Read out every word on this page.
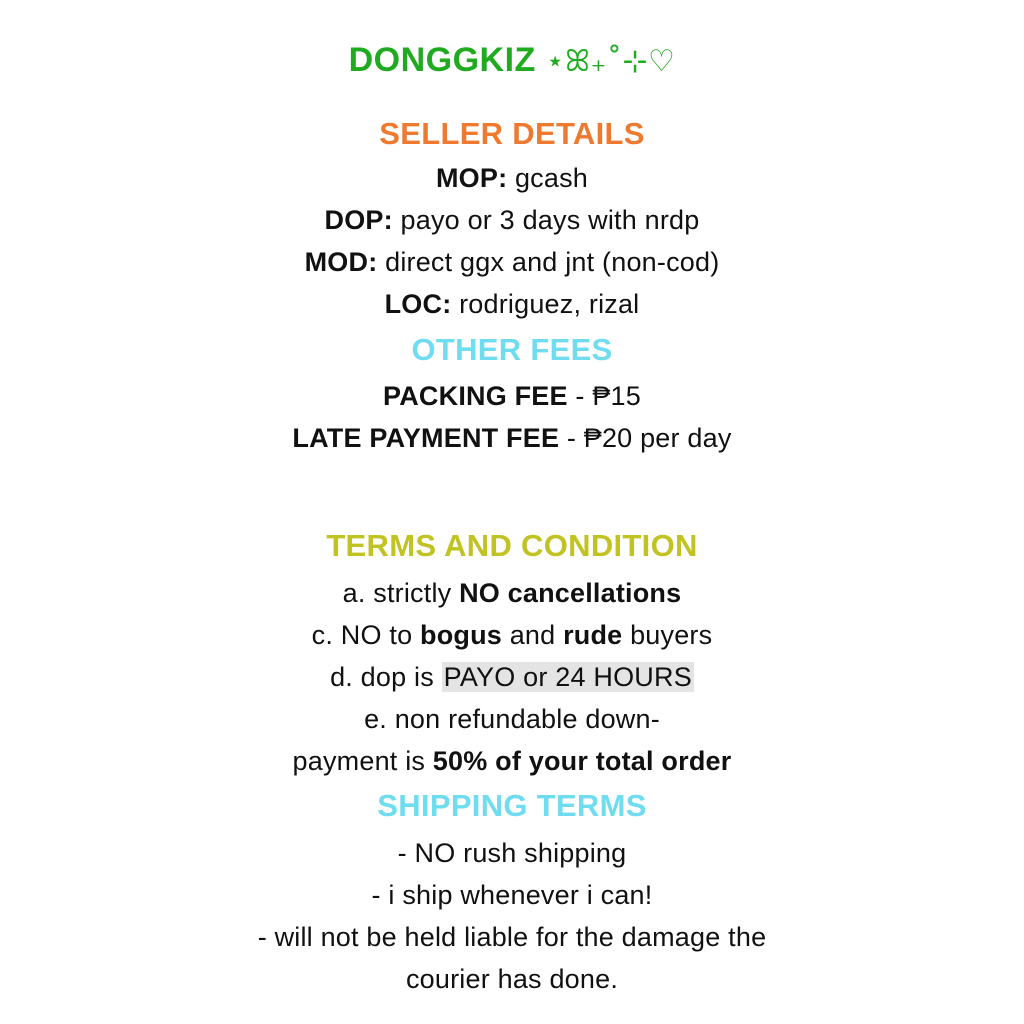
DONGGKIZ ⋆ꕤ₊˚⊹♡
SELLER DETAILS
MOP: gcash
DOP: payo or 3 days with nrdp
MOD: direct ggx and jnt (non-cod)
LOC: rodriguez, rizal
OTHER FEES
PACKING FEE - ₱15
LATE PAYMENT FEE - ₱20 per day
TERMS AND CONDITION
a. strictly NO cancellations
c. NO to bogus and rude buyers
d. dop is PAYO or 24 HOURS
e. non refundable down-
payment is 50% of your total order
SHIPPING TERMS
- NO rush shipping
- i ship whenever i can!
- will not be held liable for the damage the
courier has done.
